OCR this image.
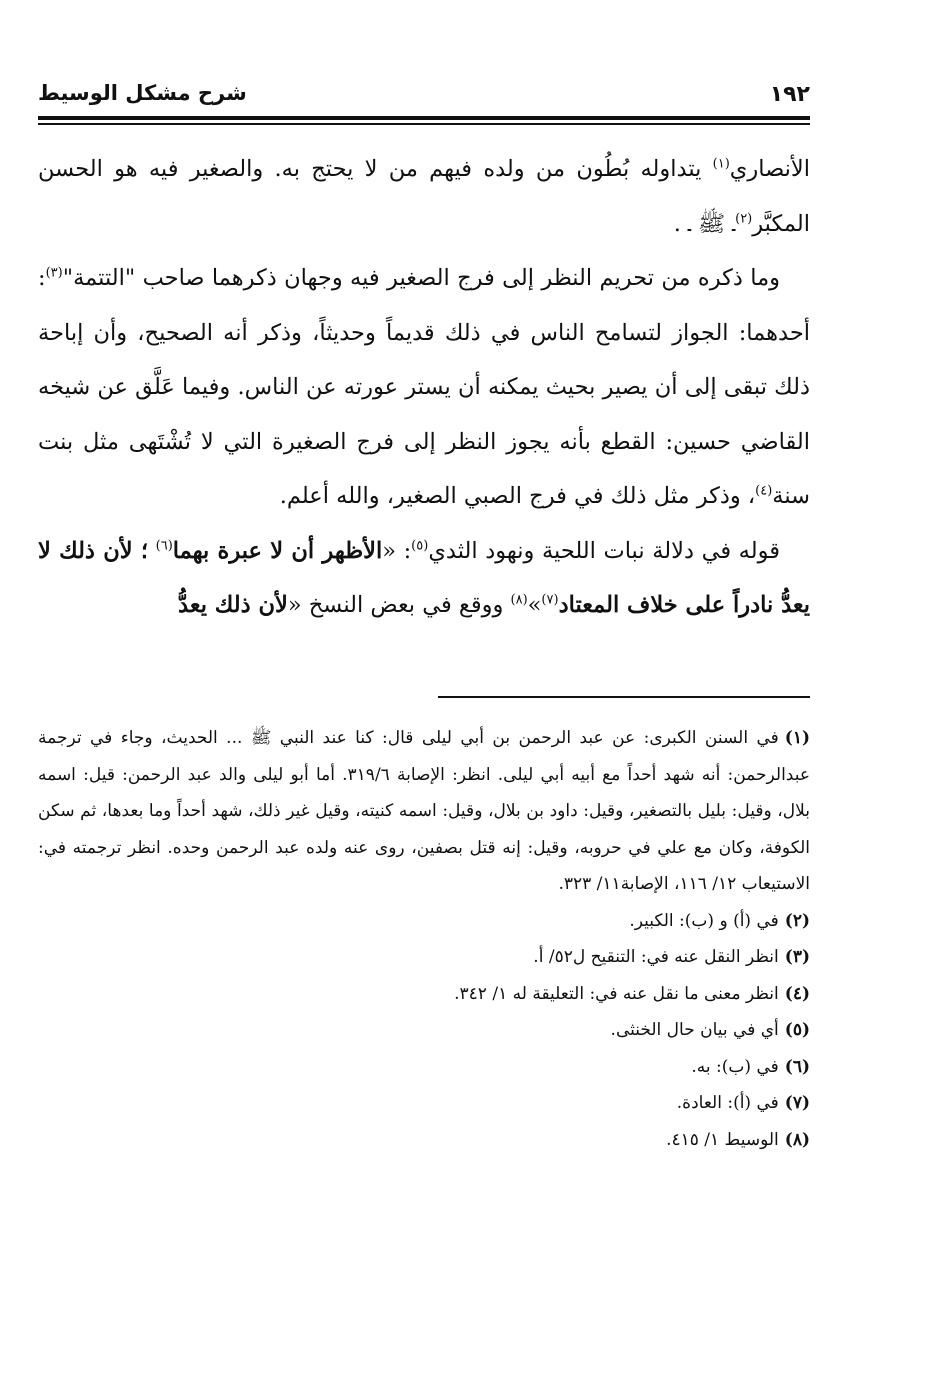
١٩٢
شرح مشكل الوسيط

الأنصاري$^{(١)}$ يتداوله بُطُون من ولده فيهم من لا يحتج به. والصغير فيه هو الحسن المكبَّر$^{(٢)}$ـ ﷺ ـ .

وما ذكره من تحريم النظر إلى فرج الصغير فيه وجهان ذكرهما صاحب "التتمة"$^{(٣)}$: أحدهما: الجواز لتسامح الناس في ذلك قديماً وحديثاً، وذكر أنه الصحيح، وأن إباحة ذلك تبقى إلى أن يصير بحيث يمكنه أن يستر عورته عن الناس. وفيما عَلَّق عن شيخه القاضي حسين: القطع بأنه يجوز النظر إلى فرج الصغيرة التي لا تُشْتَهى مثل بنت سنة$^{(٤)}$، وذكر مثل ذلك في فرج الصبي الصغير، والله أعلم.

قوله في دلالة نبات اللحية ونهود الثدي$^{(٥)}$: «الأظهر أن لا عبرة بهما$^{(٦)}$ ؛ لأن ذلك لا يعدُّ نادراً على خلاف المعتاد$^{(٧)}$»$^{(٨)}$ ووقع في بعض النسخ «لأن ذلك يعدُّ

(١)في السنن الكبرى: عن عبد الرحمن بن أبي ليلى قال: كنا عند النبي ﷺ ... الحديث، وجاء في ترجمة عبدالرحمن: أنه شهد أحداً مع أبيه أبي ليلى. انظر: الإصابة ٣١٩/٦. أما أبو ليلى والد عبد الرحمن: قيل: اسمه بلال، وقيل: بليل بالتصغير، وقيل: داود بن بلال، وقيل: اسمه كنيته، وقيل غير ذلك، شهد أحداً وما بعدها، ثم سكن الكوفة، وكان مع علي في حروبه، وقيل: إنه قتل بصفين، روى عنه ولده عبد الرحمن وحده. انظر ترجمته في: الاستيعاب ١٢/ ١١٦، الإصابة١١/ ٣٢٣.

(٢)في (أ) و (ب): الكبير.

(٣)انظر النقل عنه في: التنقيح ل٥٢/ أ.

(٤)انظر معنى ما نقل عنه في: التعليقة له ١/ ٣٤٢.

(٥)أي في بيان حال الخنثى.

(٦)في (ب): به.

(٧)في (أ): العادة.

(٨)الوسيط ١/ ٤١٥.
